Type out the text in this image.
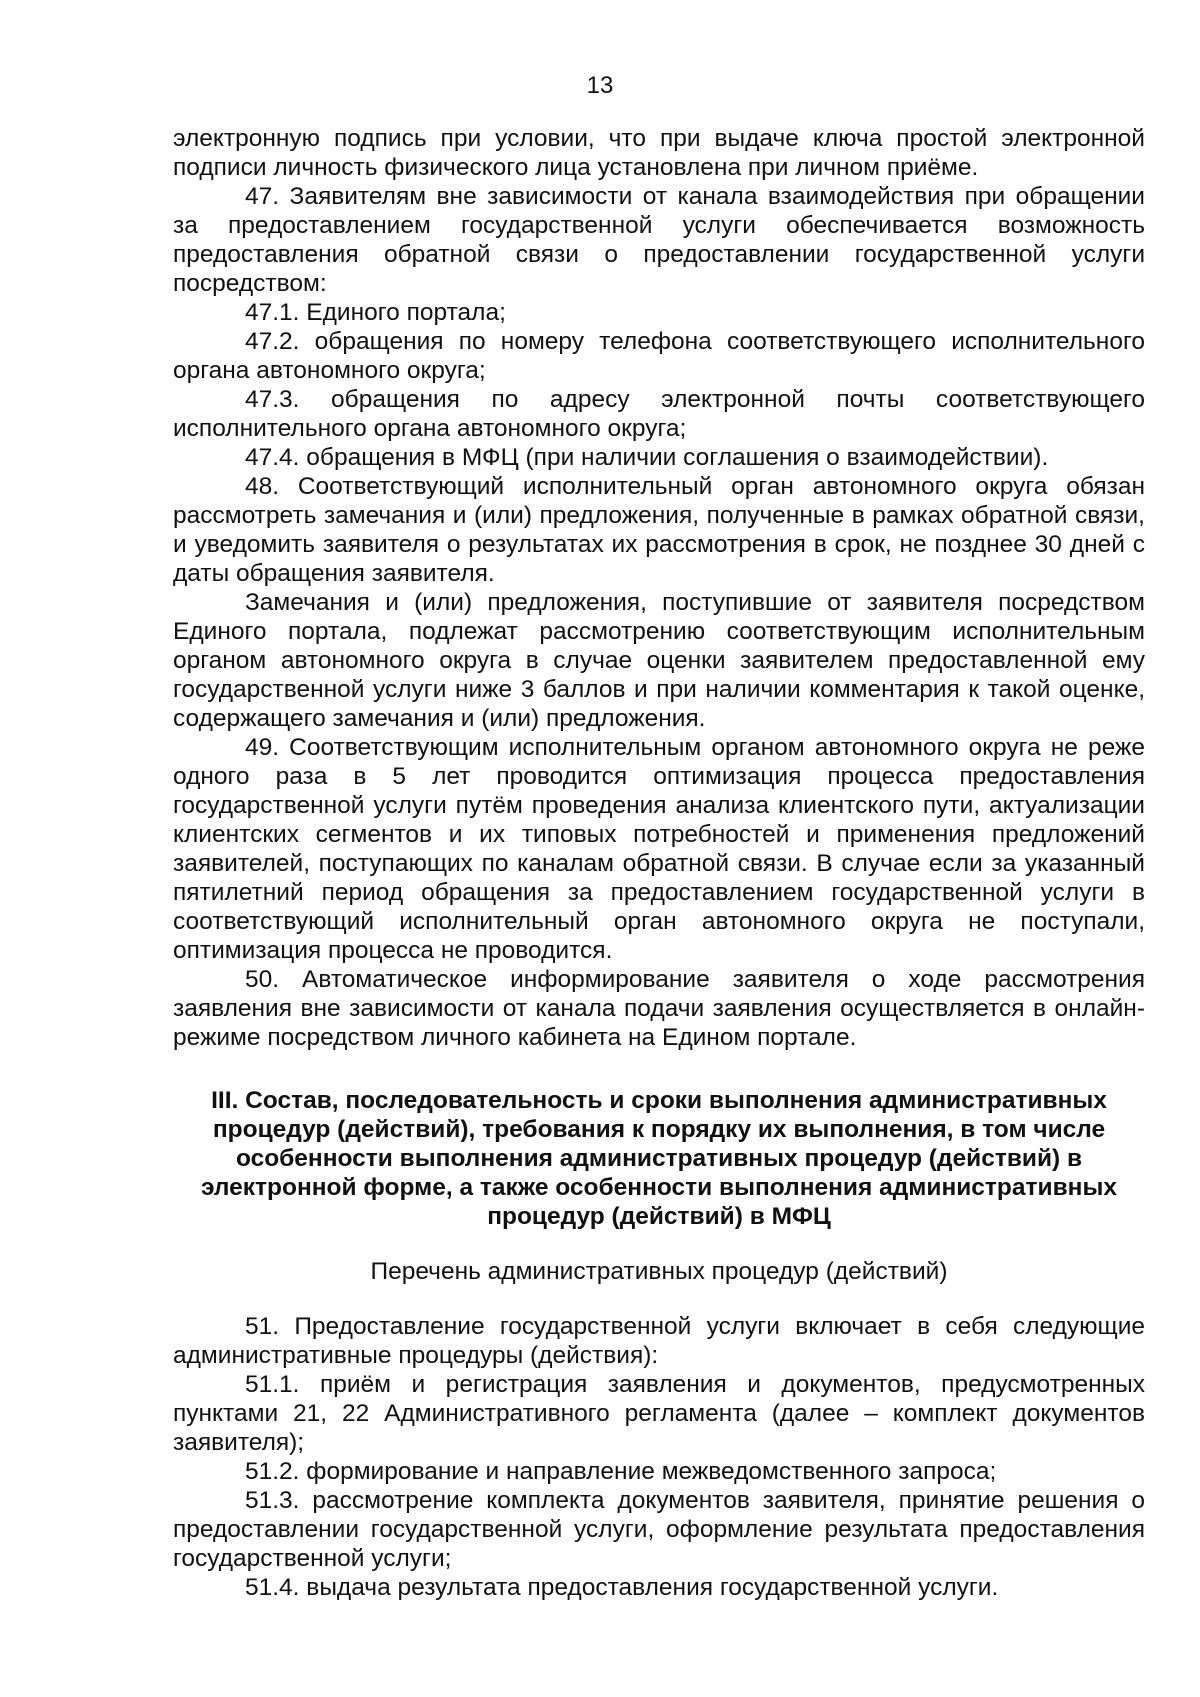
13

электронную подпись при условии, что при выдаче ключа простой электронной подписи личность физического лица установлена при личном приёме.

47. Заявителям вне зависимости от канала взаимодействия при обращении за предоставлением государственной услуги обеспечивается возможность предоставления обратной связи о предоставлении государственной услуги посредством:

47.1. Единого портала;

47.2. обращения по номеру телефона соответствующего исполнительного органа автономного округа;

47.3. обращения по адресу электронной почты соответствующего исполнительного органа автономного округа;

47.4. обращения в МФЦ (при наличии соглашения о взаимодействии).

48. Соответствующий исполнительный орган автономного округа обязан рассмотреть замечания и (или) предложения, полученные в рамках обратной связи, и уведомить заявителя о результатах их рассмотрения в срок, не позднее 30 дней с даты обращения заявителя.

Замечания и (или) предложения, поступившие от заявителя посредством Единого портала, подлежат рассмотрению соответствующим исполнительным органом автономного округа в случае оценки заявителем предоставленной ему государственной услуги ниже 3 баллов и при наличии комментария к такой оценке, содержащего замечания и (или) предложения.

49. Соответствующим исполнительным органом автономного округа не реже одного раза в 5 лет проводится оптимизация процесса предоставления государственной услуги путём проведения анализа клиентского пути, актуализации клиентских сегментов и их типовых потребностей и применения предложений заявителей, поступающих по каналам обратной связи. В случае если за указанный пятилетний период обращения за предоставлением государственной услуги в соответствующий исполнительный орган автономного округа не поступали, оптимизация процесса не проводится.

50. Автоматическое информирование заявителя о ходе рассмотрения заявления вне зависимости от канала подачи заявления осуществляется в онлайн-режиме посредством личного кабинета на Едином портале.

III. Состав, последовательность и сроки выполнения административных процедур (действий), требования к порядку их выполнения, в том числе особенности выполнения административных процедур (действий) в электронной форме, а также особенности выполнения административных процедур (действий) в МФЦ

Перечень административных процедур (действий)

51. Предоставление государственной услуги включает в себя следующие административные процедуры (действия):

51.1. приём и регистрация заявления и документов, предусмотренных пунктами 21, 22 Административного регламента (далее – комплект документов заявителя);

51.2. формирование и направление межведомственного запроса;

51.3. рассмотрение комплекта документов заявителя, принятие решения о предоставлении государственной услуги, оформление результата предоставления государственной услуги;

51.4. выдача результата предоставления государственной услуги.
